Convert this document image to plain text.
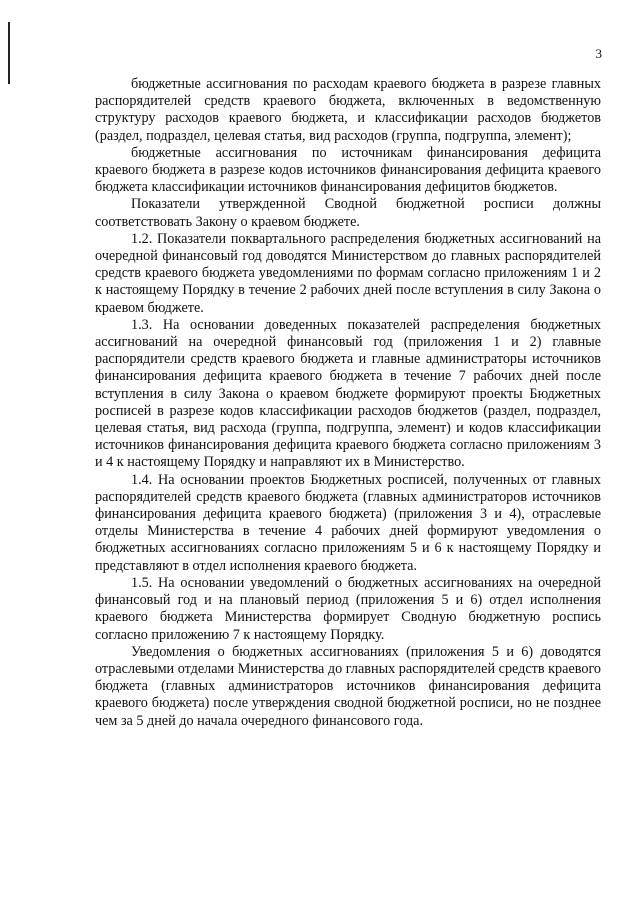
3

бюджетные ассигнования по расходам краевого бюджета в разрезе главных распорядителей средств краевого бюджета, включенных в ведомственную структуру расходов краевого бюджета, и классификации расходов бюджетов (раздел, подраздел, целевая статья, вид расходов (группа, подгруппа, элемент);

бюджетные ассигнования по источникам финансирования дефицита краевого бюджета в разрезе кодов источников финансирования дефицита краевого бюджета классификации источников финансирования дефицитов бюджетов.

Показатели утвержденной Сводной бюджетной росписи должны соответствовать Закону о краевом бюджете.

1.2. Показатели поквартального распределения бюджетных ассигнований на очередной финансовый год доводятся Министерством до главных распорядителей средств краевого бюджета уведомлениями по формам согласно приложениям 1 и 2 к настоящему Порядку в течение 2 рабочих дней после вступления в силу Закона о краевом бюджете.

1.3. На основании доведенных показателей распределения бюджетных ассигнований на очередной финансовый год (приложения 1 и 2) главные распорядители средств краевого бюджета и главные администраторы источников финансирования дефицита краевого бюджета в течение 7 рабочих дней после вступления в силу Закона о краевом бюджете формируют проекты Бюджетных росписей в разрезе кодов классификации расходов бюджетов (раздел, подраздел, целевая статья, вид расхода (группа, подгруппа, элемент) и кодов классификации источников финансирования дефицита краевого бюджета согласно приложениям 3 и 4 к настоящему Порядку и направляют их в Министерство.

1.4. На основании проектов Бюджетных росписей, полученных от главных распорядителей средств краевого бюджета (главных администраторов источников финансирования дефицита краевого бюджета) (приложения 3 и 4), отраслевые отделы Министерства в течение 4 рабочих дней формируют уведомления о бюджетных ассигнованиях согласно приложениям 5 и 6 к настоящему Порядку и представляют в отдел исполнения краевого бюджета.

1.5. На основании уведомлений о бюджетных ассигнованиях на очередной финансовый год и на плановый период (приложения 5 и 6) отдел исполнения краевого бюджета Министерства формирует Сводную бюджетную роспись согласно приложению 7 к настоящему Порядку.

Уведомления о бюджетных ассигнованиях (приложения 5 и 6) доводятся отраслевыми отделами Министерства до главных распорядителей средств краевого бюджета (главных администраторов источников финансирования дефицита краевого бюджета) после утверждения сводной бюджетной росписи, но не позднее чем за 5 дней до начала очередного финансового года.
